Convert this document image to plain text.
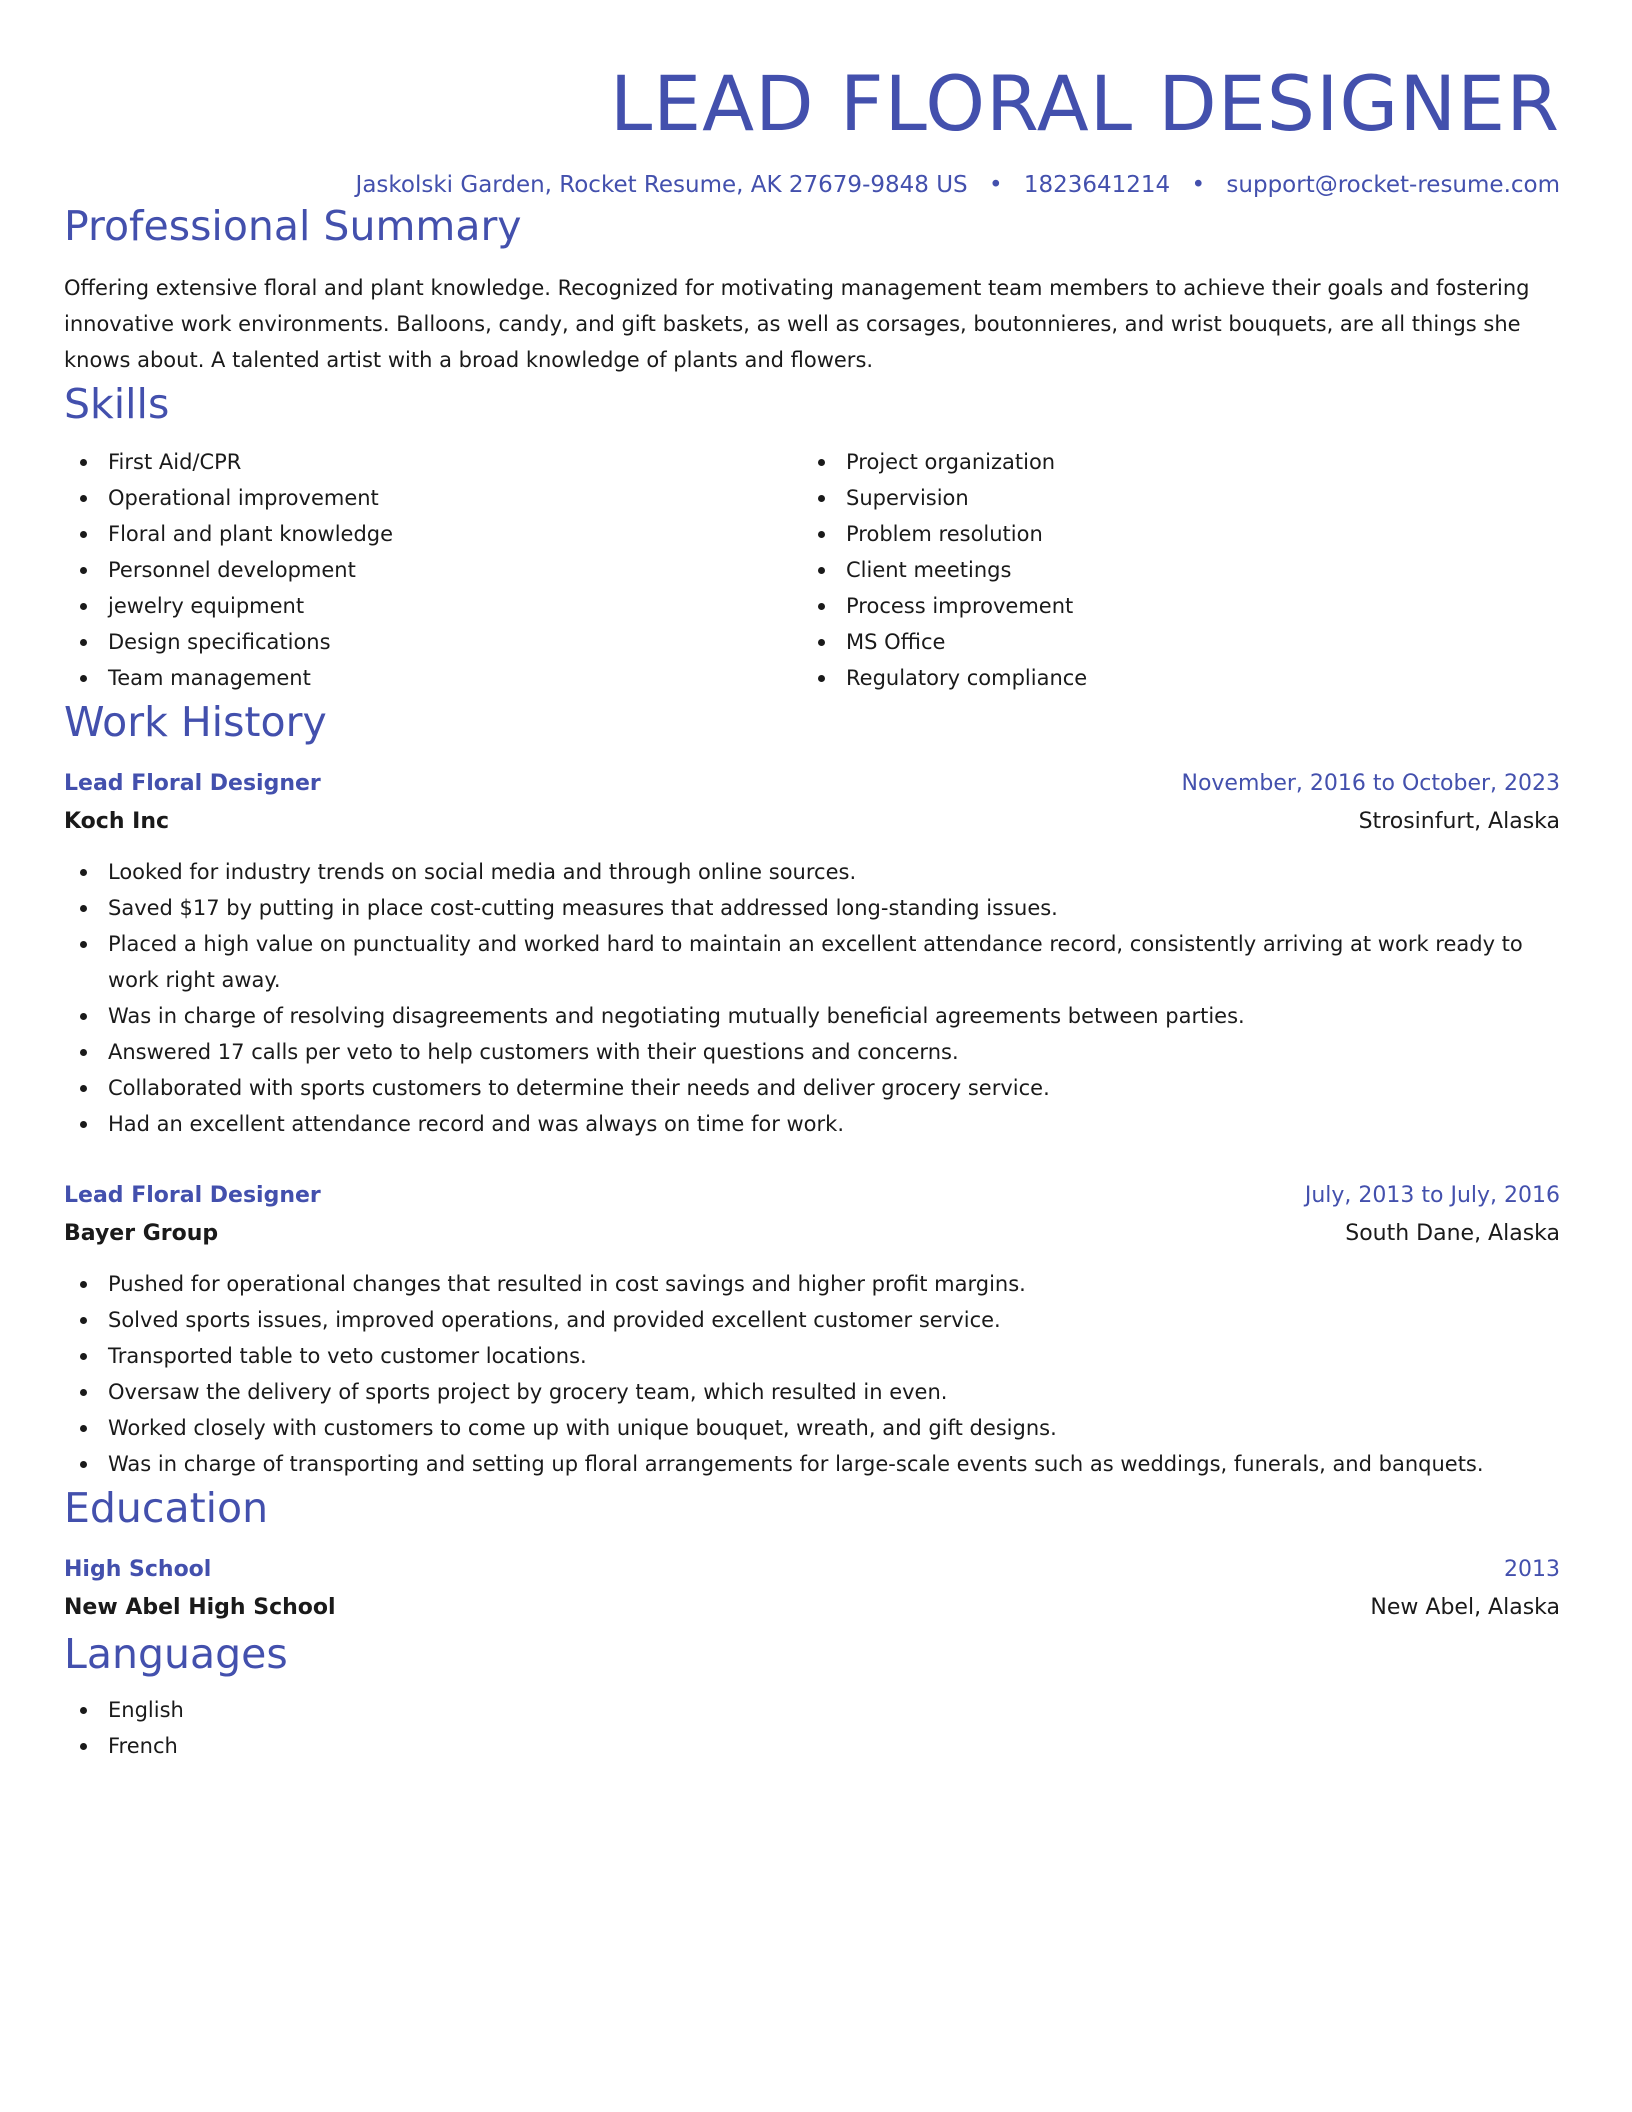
LEAD FLORAL DESIGNER
Jaskolski Garden, Rocket Resume, AK 27679-9848 US • 1823641214 • support@rocket-resume.com
Professional Summary
Offering extensive floral and plant knowledge. Recognized for motivating management team members to achieve their goals and fostering innovative work environments. Balloons, candy, and gift baskets, as well as corsages, boutonnieres, and wrist bouquets, are all things she knows about. A talented artist with a broad knowledge of plants and flowers.
Skills
First Aid/CPR
Operational improvement
Floral and plant knowledge
Personnel development
jewelry equipment
Design specifications
Team management
Project organization
Supervision
Problem resolution
Client meetings
Process improvement
MS Office
Regulatory compliance
Work History
Lead Floral Designer	November, 2016 to October, 2023
Koch Inc	Strosinfurt, Alaska
Looked for industry trends on social media and through online sources.
Saved $17 by putting in place cost-cutting measures that addressed long-standing issues.
Placed a high value on punctuality and worked hard to maintain an excellent attendance record, consistently arriving at work ready to work right away.
Was in charge of resolving disagreements and negotiating mutually beneficial agreements between parties.
Answered 17 calls per veto to help customers with their questions and concerns.
Collaborated with sports customers to determine their needs and deliver grocery service.
Had an excellent attendance record and was always on time for work.
Lead Floral Designer	July, 2013 to July, 2016
Bayer Group	South Dane, Alaska
Pushed for operational changes that resulted in cost savings and higher profit margins.
Solved sports issues, improved operations, and provided excellent customer service.
Transported table to veto customer locations.
Oversaw the delivery of sports project by grocery team, which resulted in even.
Worked closely with customers to come up with unique bouquet, wreath, and gift designs.
Was in charge of transporting and setting up floral arrangements for large-scale events such as weddings, funerals, and banquets.
Education
High School	2013
New Abel High School	New Abel, Alaska
Languages
English
French
